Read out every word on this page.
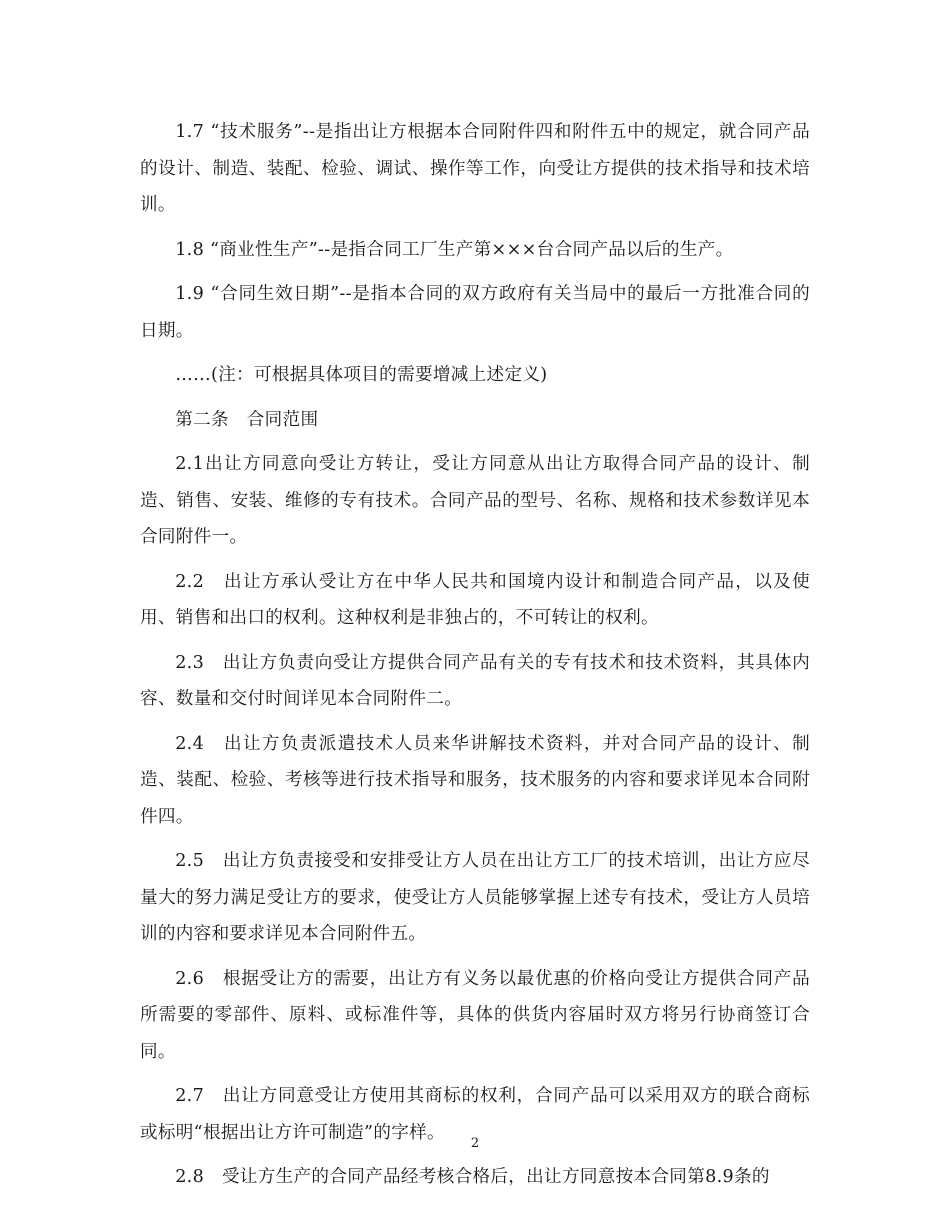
1.7 “技术服务”--是指出让方根据本合同附件四和附件五中的规定，就合同产品的设计、制造、装配、检验、调试、操作等工作，向受让方提供的技术指导和技术培训。

1.8 “商业性生产”--是指合同工厂生产第×××台合同产品以后的生产。

1.9 “合同生效日期”--是指本合同的双方政府有关当局中的最后一方批准合同的日期。

……(注：可根据具体项目的需要增减上述定义)

第二条　合同范围

2.1出让方同意向受让方转让，受让方同意从出让方取得合同产品的设计、制造、销售、安装、维修的专有技术。合同产品的型号、名称、规格和技术参数详见本合同附件一。

2.2　出让方承认受让方在中华人民共和国境内设计和制造合同产品，以及使用、销售和出口的权利。这种权利是非独占的，不可转让的权利。

2.3　出让方负责向受让方提供合同产品有关的专有技术和技术资料，其具体内容、数量和交付时间详见本合同附件二。

2.4　出让方负责派遣技术人员来华讲解技术资料，并对合同产品的设计、制造、装配、检验、考核等进行技术指导和服务，技术服务的内容和要求详见本合同附件四。

2.5　出让方负责接受和安排受让方人员在出让方工厂的技术培训，出让方应尽量大的努力满足受让方的要求，使受让方人员能够掌握上述专有技术，受让方人员培训的内容和要求详见本合同附件五。

2.6　根据受让方的需要，出让方有义务以最优惠的价格向受让方提供合同产品所需要的零部件、原料、或标准件等，具体的供货内容届时双方将另行协商签订合同。

2.7　出让方同意受让方使用其商标的权利，合同产品可以采用双方的联合商标或标明“根据出让方许可制造”的字样。

2.8　受让方生产的合同产品经考核合格后，出让方同意按本合同第8.9条的

2
